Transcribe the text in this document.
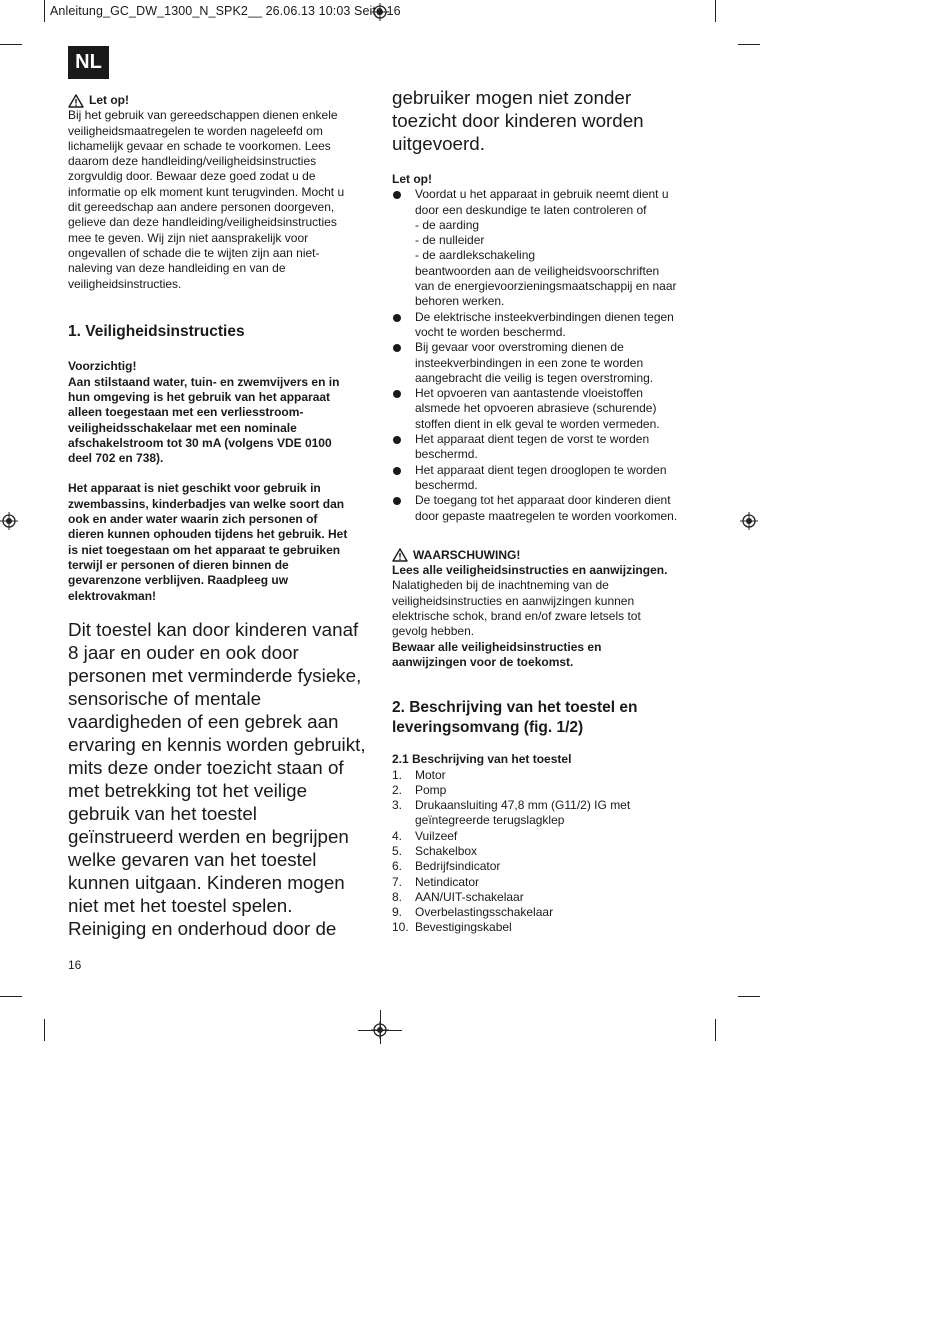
Anleitung_GC_DW_1300_N_SPK2__ 26.06.13 10:03 Seite 16
NL
Let op!
Bij het gebruik van gereedschappen dienen enkele
veiligheidsmaatregelen te worden nageleefd om
lichamelijk gevaar en schade te voorkomen. Lees
daarom deze handleiding/veiligheidsinstructies
zorgvuldig door. Bewaar deze goed zodat u de
informatie op elk moment kunt terugvinden. Mocht u
dit gereedschap aan andere personen doorgeven,
gelieve dan deze handleiding/veiligheidsinstructies
mee te geven. Wij zijn niet aansprakelijk voor
ongevallen of schade die te wijten zijn aan niet-
naleving van deze handleiding en van de
veiligheidsinstructies.
1. Veiligheidsinstructies
Voorzichtig!
Aan stilstaand water, tuin- en zwemvijvers en in
hun omgeving is het gebruik van het apparaat
alleen toegestaan met een verliesstroom-
veiligheidsschakelaar met een nominale
afschakelstroom tot 30 mA (volgens VDE 0100
deel 702 en 738).
Het apparaat is niet geschikt voor gebruik in
zwembassins, kinderbadjes van welke soort dan
ook en ander water waarin zich personen of
dieren kunnen ophouden tijdens het gebruik. Het
is niet toegestaan om het apparaat te gebruiken
terwijl er personen of dieren binnen de
gevarenzone verblijven. Raadpleeg uw
elektrovakman!
Dit toestel kan door kinderen vanaf
8 jaar en ouder en ook door
personen met verminderde fysieke,
sensorische of mentale
vaardigheden of een gebrek aan
ervaring en kennis worden gebruikt,
mits deze onder toezicht staan of
met betrekking tot het veilige
gebruik van het toestel
geïnstrueerd werden en begrijpen
welke gevaren van het toestel
kunnen uitgaan. Kinderen mogen
niet met het toestel spelen.
Reiniging en onderhoud door de
gebruiker mogen niet zonder
toezicht door kinderen worden
uitgevoerd.
Let op!
Voordat u het apparaat in gebruik neemt dient u
door een deskundige te laten controleren of
- de aarding
- de nulleider
- de aardlekschakeling
beantwoorden aan de veiligheidsvoorschriften
van de energievoorzieningsmaatschappij en naar
behoren werken.
De elektrische insteekverbindingen dienen tegen
vocht te worden beschermd.
Bij gevaar voor overstroming dienen de
insteekverbindingen in een zone te worden
aangebracht die veilig is tegen overstroming.
Het opvoeren van aantastende vloeistoffen
alsmede het opvoeren abrasieve (schurende)
stoffen dient in elk geval te worden vermeden.
Het apparaat dient tegen de vorst te worden
beschermd.
Het apparaat dient tegen drooglopen te worden
beschermd.
De toegang tot het apparaat door kinderen dient
door gepaste maatregelen te worden voorkomen.
WAARSCHUWING!
Lees alle veiligheidsinstructies en aanwijzingen.
Nalatigheden bij de inachtneming van de
veiligheidsinstructies en aanwijzingen kunnen
elektrische schok, brand en/of zware letsels tot
gevolg hebben.
Bewaar alle veiligheidsinstructies en
aanwijzingen voor de toekomst.
2. Beschrijving van het toestel en
leveringsomvang (fig. 1/2)
2.1 Beschrijving van het toestel
1. Motor
2. Pomp
3. Drukaansluiting 47,8 mm (G11/2) IG met
geïntegreerde terugslagklep
4. Vuilzeef
5. Schakelbox
6. Bedrijfsindicator
7. Netindicator
8. AAN/UIT-schakelaar
9. Overbelastingsschakelaar
10. Bevestigingskabel
16
